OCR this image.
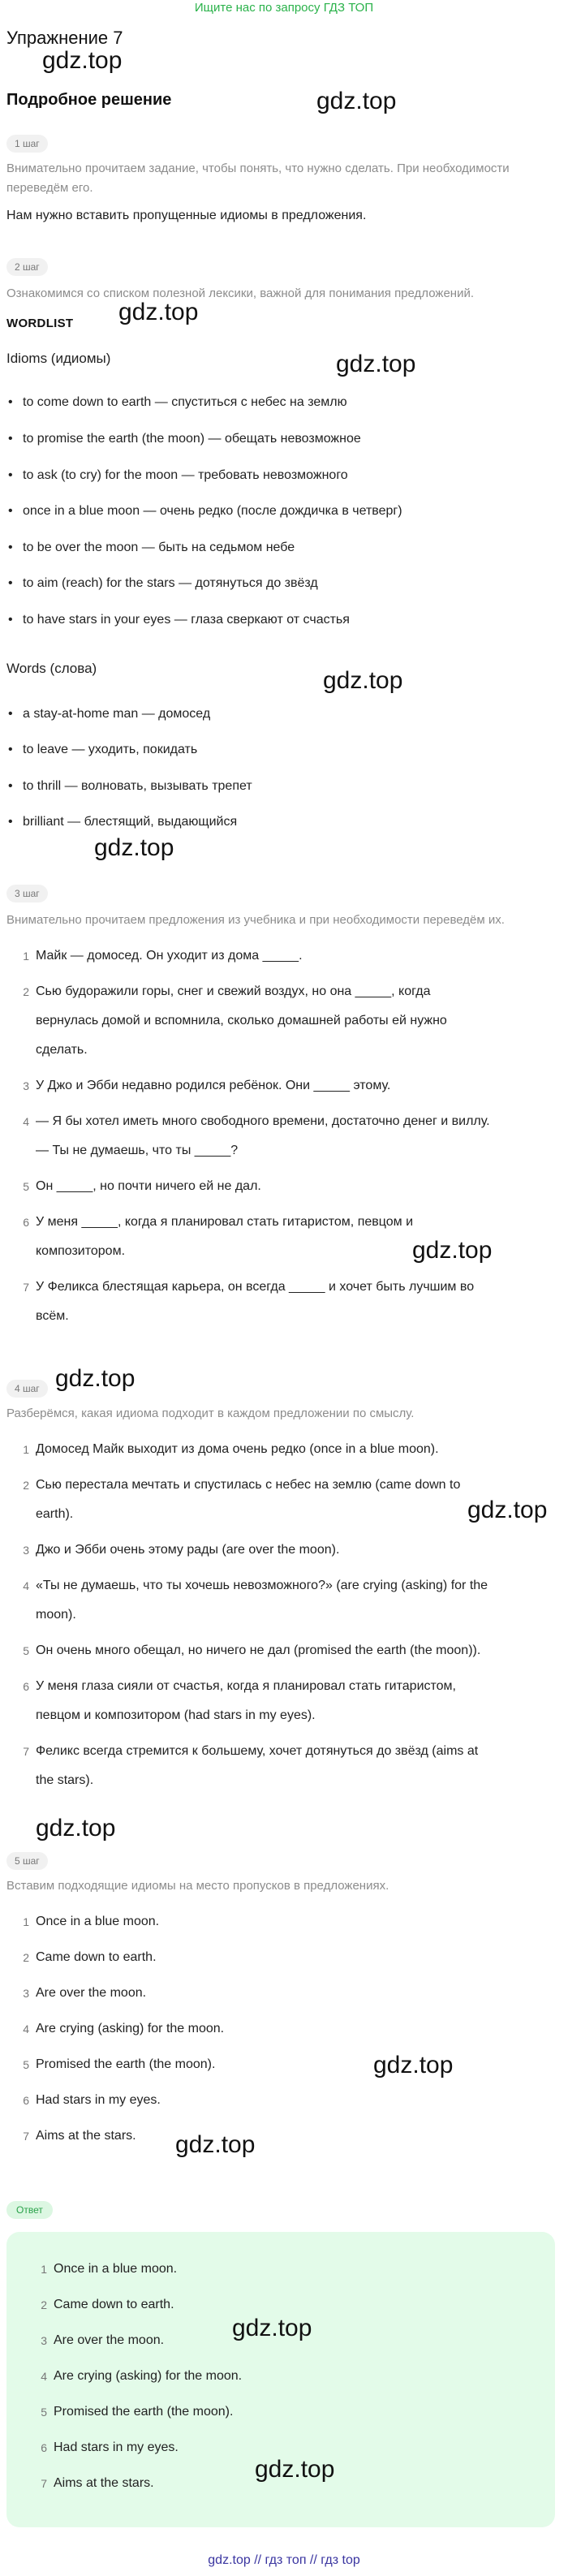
Ищите нас по запросу ГДЗ ТОП
Упражнение 7
Подробное решение
gdz.top
gdz.top
gdz.top
gdz.top
gdz.top
gdz.top
gdz.top
gdz.top
gdz.top
gdz.top
gdz.top
gdz.top
1 шаг
Внимательно прочитаем задание, чтобы понять, что нужно сделать. При необходимости переведём его.
Нам нужно вставить пропущенные идиомы в предложения.
2 шаг
Ознакомимся со списком полезной лексики, важной для понимания предложений.
WORDLIST
Idioms (идиомы)
• to come down to earth — спуститься с небес на землю
• to promise the earth (the moon) — обещать невозможное
• to ask (to cry) for the moon — требовать невозможного
• once in a blue moon — очень редко (после дождичка в четверг)
• to be over the moon — быть на седьмом небе
• to aim (reach) for the stars — дотянуться до звёзд
• to have stars in your eyes — глаза сверкают от счастья
Words (слова)
• a stay-at-home man — домосед
• to leave — уходить, покидать
• to thrill — волновать, вызывать трепет
• brilliant — блестящий, выдающийся
3 шаг
Внимательно прочитаем предложения из учебника и при необходимости переведём их.
1 Майк — домосед. Он уходит из дома _____.
2 Сью будоражили горы, снег и свежий воздух, но она _____, когда
вернулась домой и вспомнила, сколько домашней работы ей нужно
сделать.
3 У Джо и Эбби недавно родился ребёнок. Они _____ этому.
4 — Я бы хотел иметь много свободного времени, достаточно денег и виллу.
— Ты не думаешь, что ты _____?
5 Он _____, но почти ничего ей не дал.
6 У меня _____, когда я планировал стать гитаристом, певцом и
композитором.
7 У Феликса блестящая карьера, он всегда _____ и хочет быть лучшим во
всём.
4 шаг
Разберёмся, какая идиома подходит в каждом предложении по смыслу.
1 Домосед Майк выходит из дома очень редко (once in a blue moon).
2 Сью перестала мечтать и спустилась с небес на землю (came down to
earth).
3 Джо и Эбби очень этому рады (are over the moon).
4 «Ты не думаешь, что ты хочешь невозможного?» (are crying (asking) for the
moon).
5 Он очень много обещал, но ничего не дал (promised the earth (the moon)).
6 У меня глаза сияли от счастья, когда я планировал стать гитаристом,
певцом и композитором (had stars in my eyes).
7 Феликс всегда стремится к большему, хочет дотянуться до звёзд (aims at
the stars).
5 шаг
Вставим подходящие идиомы на место пропусков в предложениях.
1 Once in a blue moon.
2 Came down to earth.
3 Are over the moon.
4 Are crying (asking) for the moon.
5 Promised the earth (the moon).
6 Had stars in my eyes.
7 Aims at the stars.
Ответ
1 Once in a blue moon.
2 Came down to earth.
3 Are over the moon.
4 Are crying (asking) for the moon.
5 Promised the earth (the moon).
6 Had stars in my eyes.
7 Aims at the stars.
gdz.top
gdz.top
gdz.top // гдз топ // гдз top
